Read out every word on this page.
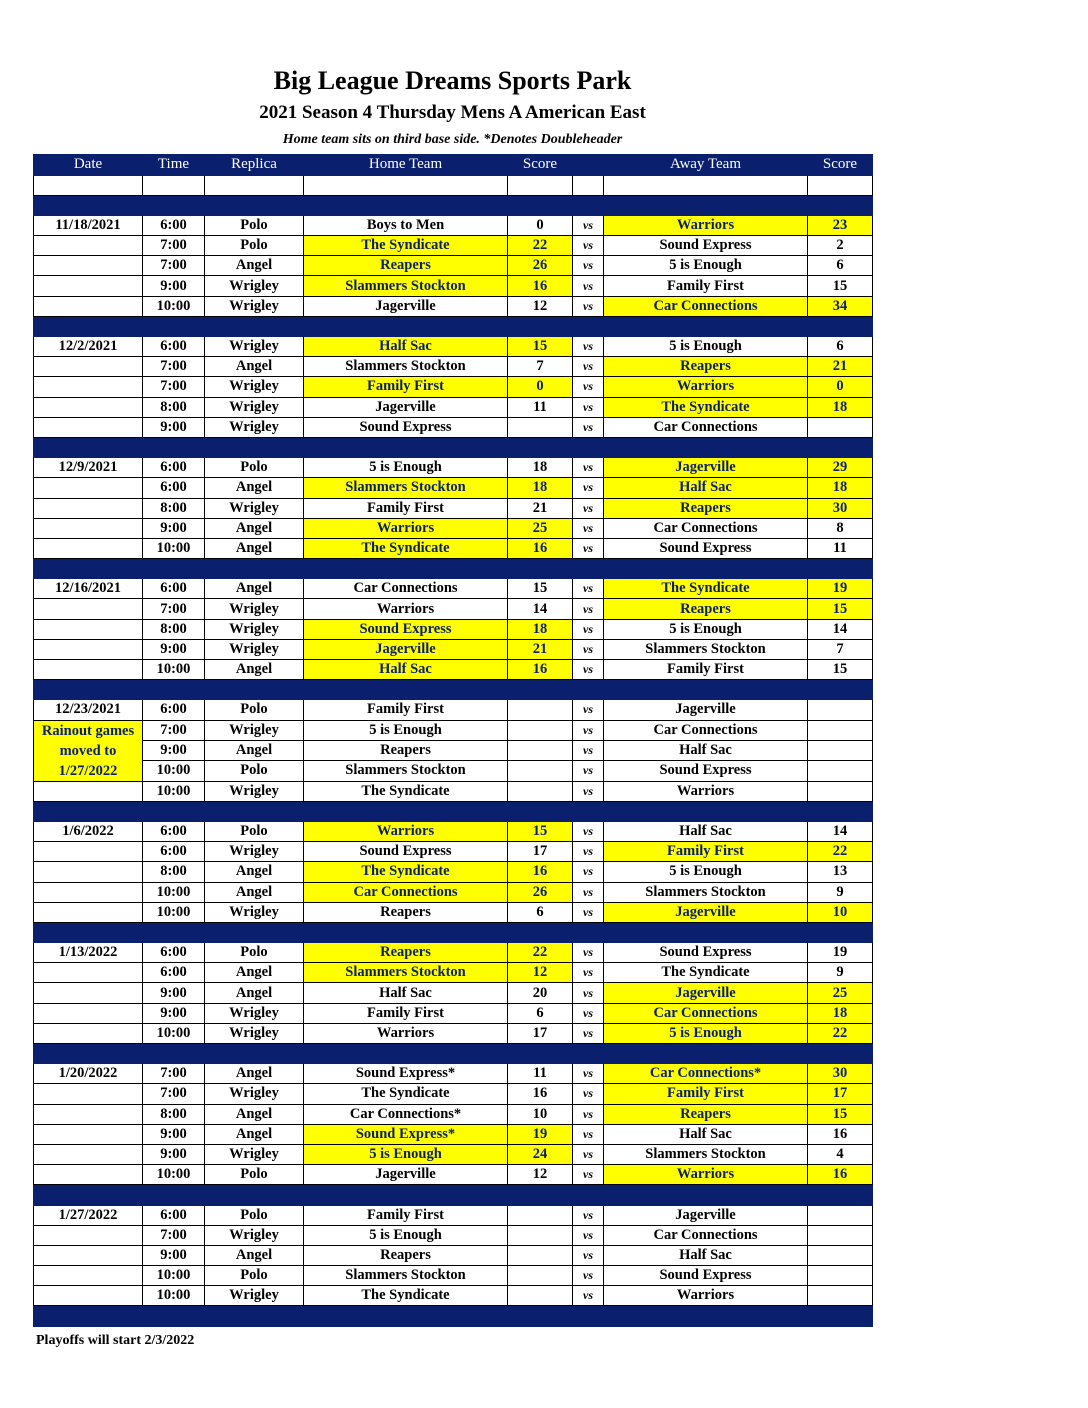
Big League Dreams Sports Park
2021 Season 4 Thursday Mens A American East
Home team sits on third base side. *Denotes Doubleheader
Date	Time	Replica	Home Team	Score		Away Team	Score

11/18/2021	6:00	Polo	Boys to Men	0	vs	Warriors	23
	7:00	Polo	The Syndicate	22	vs	Sound Express	2
	7:00	Angel	Reapers	26	vs	5 is Enough	6
	9:00	Wrigley	Slammers Stockton	16	vs	Family First	15
	10:00	Wrigley	Jagerville	12	vs	Car Connections	34

12/2/2021	6:00	Wrigley	Half Sac	15	vs	5 is Enough	6
	7:00	Angel	Slammers Stockton	7	vs	Reapers	21
	7:00	Wrigley	Family First	0	vs	Warriors	0
	8:00	Wrigley	Jagerville	11	vs	The Syndicate	18
	9:00	Wrigley	Sound Express		vs	Car Connections	

12/9/2021	6:00	Polo	5 is Enough	18	vs	Jagerville	29
	6:00	Angel	Slammers Stockton	18	vs	Half Sac	18
	8:00	Wrigley	Family First	21	vs	Reapers	30
	9:00	Angel	Warriors	25	vs	Car Connections	8
	10:00	Angel	The Syndicate	16	vs	Sound Express	11

12/16/2021	6:00	Angel	Car Connections	15	vs	The Syndicate	19
	7:00	Wrigley	Warriors	14	vs	Reapers	15
	8:00	Wrigley	Sound Express	18	vs	5 is Enough	14
	9:00	Wrigley	Jagerville	21	vs	Slammers Stockton	7
	10:00	Angel	Half Sac	16	vs	Family First	15

12/23/2021	6:00	Polo	Family First		vs	Jagerville	
Rainout games moved to 1/27/2022	7:00	Wrigley	5 is Enough		vs	Car Connections	
	9:00	Angel	Reapers		vs	Half Sac	
	10:00	Polo	Slammers Stockton		vs	Sound Express	
	10:00	Wrigley	The Syndicate		vs	Warriors	

1/6/2022	6:00	Polo	Warriors	15	vs	Half Sac	14
	6:00	Wrigley	Sound Express	17	vs	Family First	22
	8:00	Angel	The Syndicate	16	vs	5 is Enough	13
	10:00	Angel	Car Connections	26	vs	Slammers Stockton	9
	10:00	Wrigley	Reapers	6	vs	Jagerville	10

1/13/2022	6:00	Polo	Reapers	22	vs	Sound Express	19
	6:00	Angel	Slammers Stockton	12	vs	The Syndicate	9
	9:00	Angel	Half Sac	20	vs	Jagerville	25
	9:00	Wrigley	Family First	6	vs	Car Connections	18
	10:00	Wrigley	Warriors	17	vs	5 is Enough	22

1/20/2022	7:00	Angel	Sound Express*	11	vs	Car Connections*	30
	7:00	Wrigley	The Syndicate	16	vs	Family First	17
	8:00	Angel	Car Connections*	10	vs	Reapers	15
	9:00	Angel	Sound Express*	19	vs	Half Sac	16
	9:00	Wrigley	5 is Enough	24	vs	Slammers Stockton	4
	10:00	Polo	Jagerville	12	vs	Warriors	16

1/27/2022	6:00	Polo	Family First		vs	Jagerville	
	7:00	Wrigley	5 is Enough		vs	Car Connections	
	9:00	Angel	Reapers		vs	Half Sac	
	10:00	Polo	Slammers Stockton		vs	Sound Express	
	10:00	Wrigley	The Syndicate		vs	Warriors	

Playoffs will start 2/3/2022
